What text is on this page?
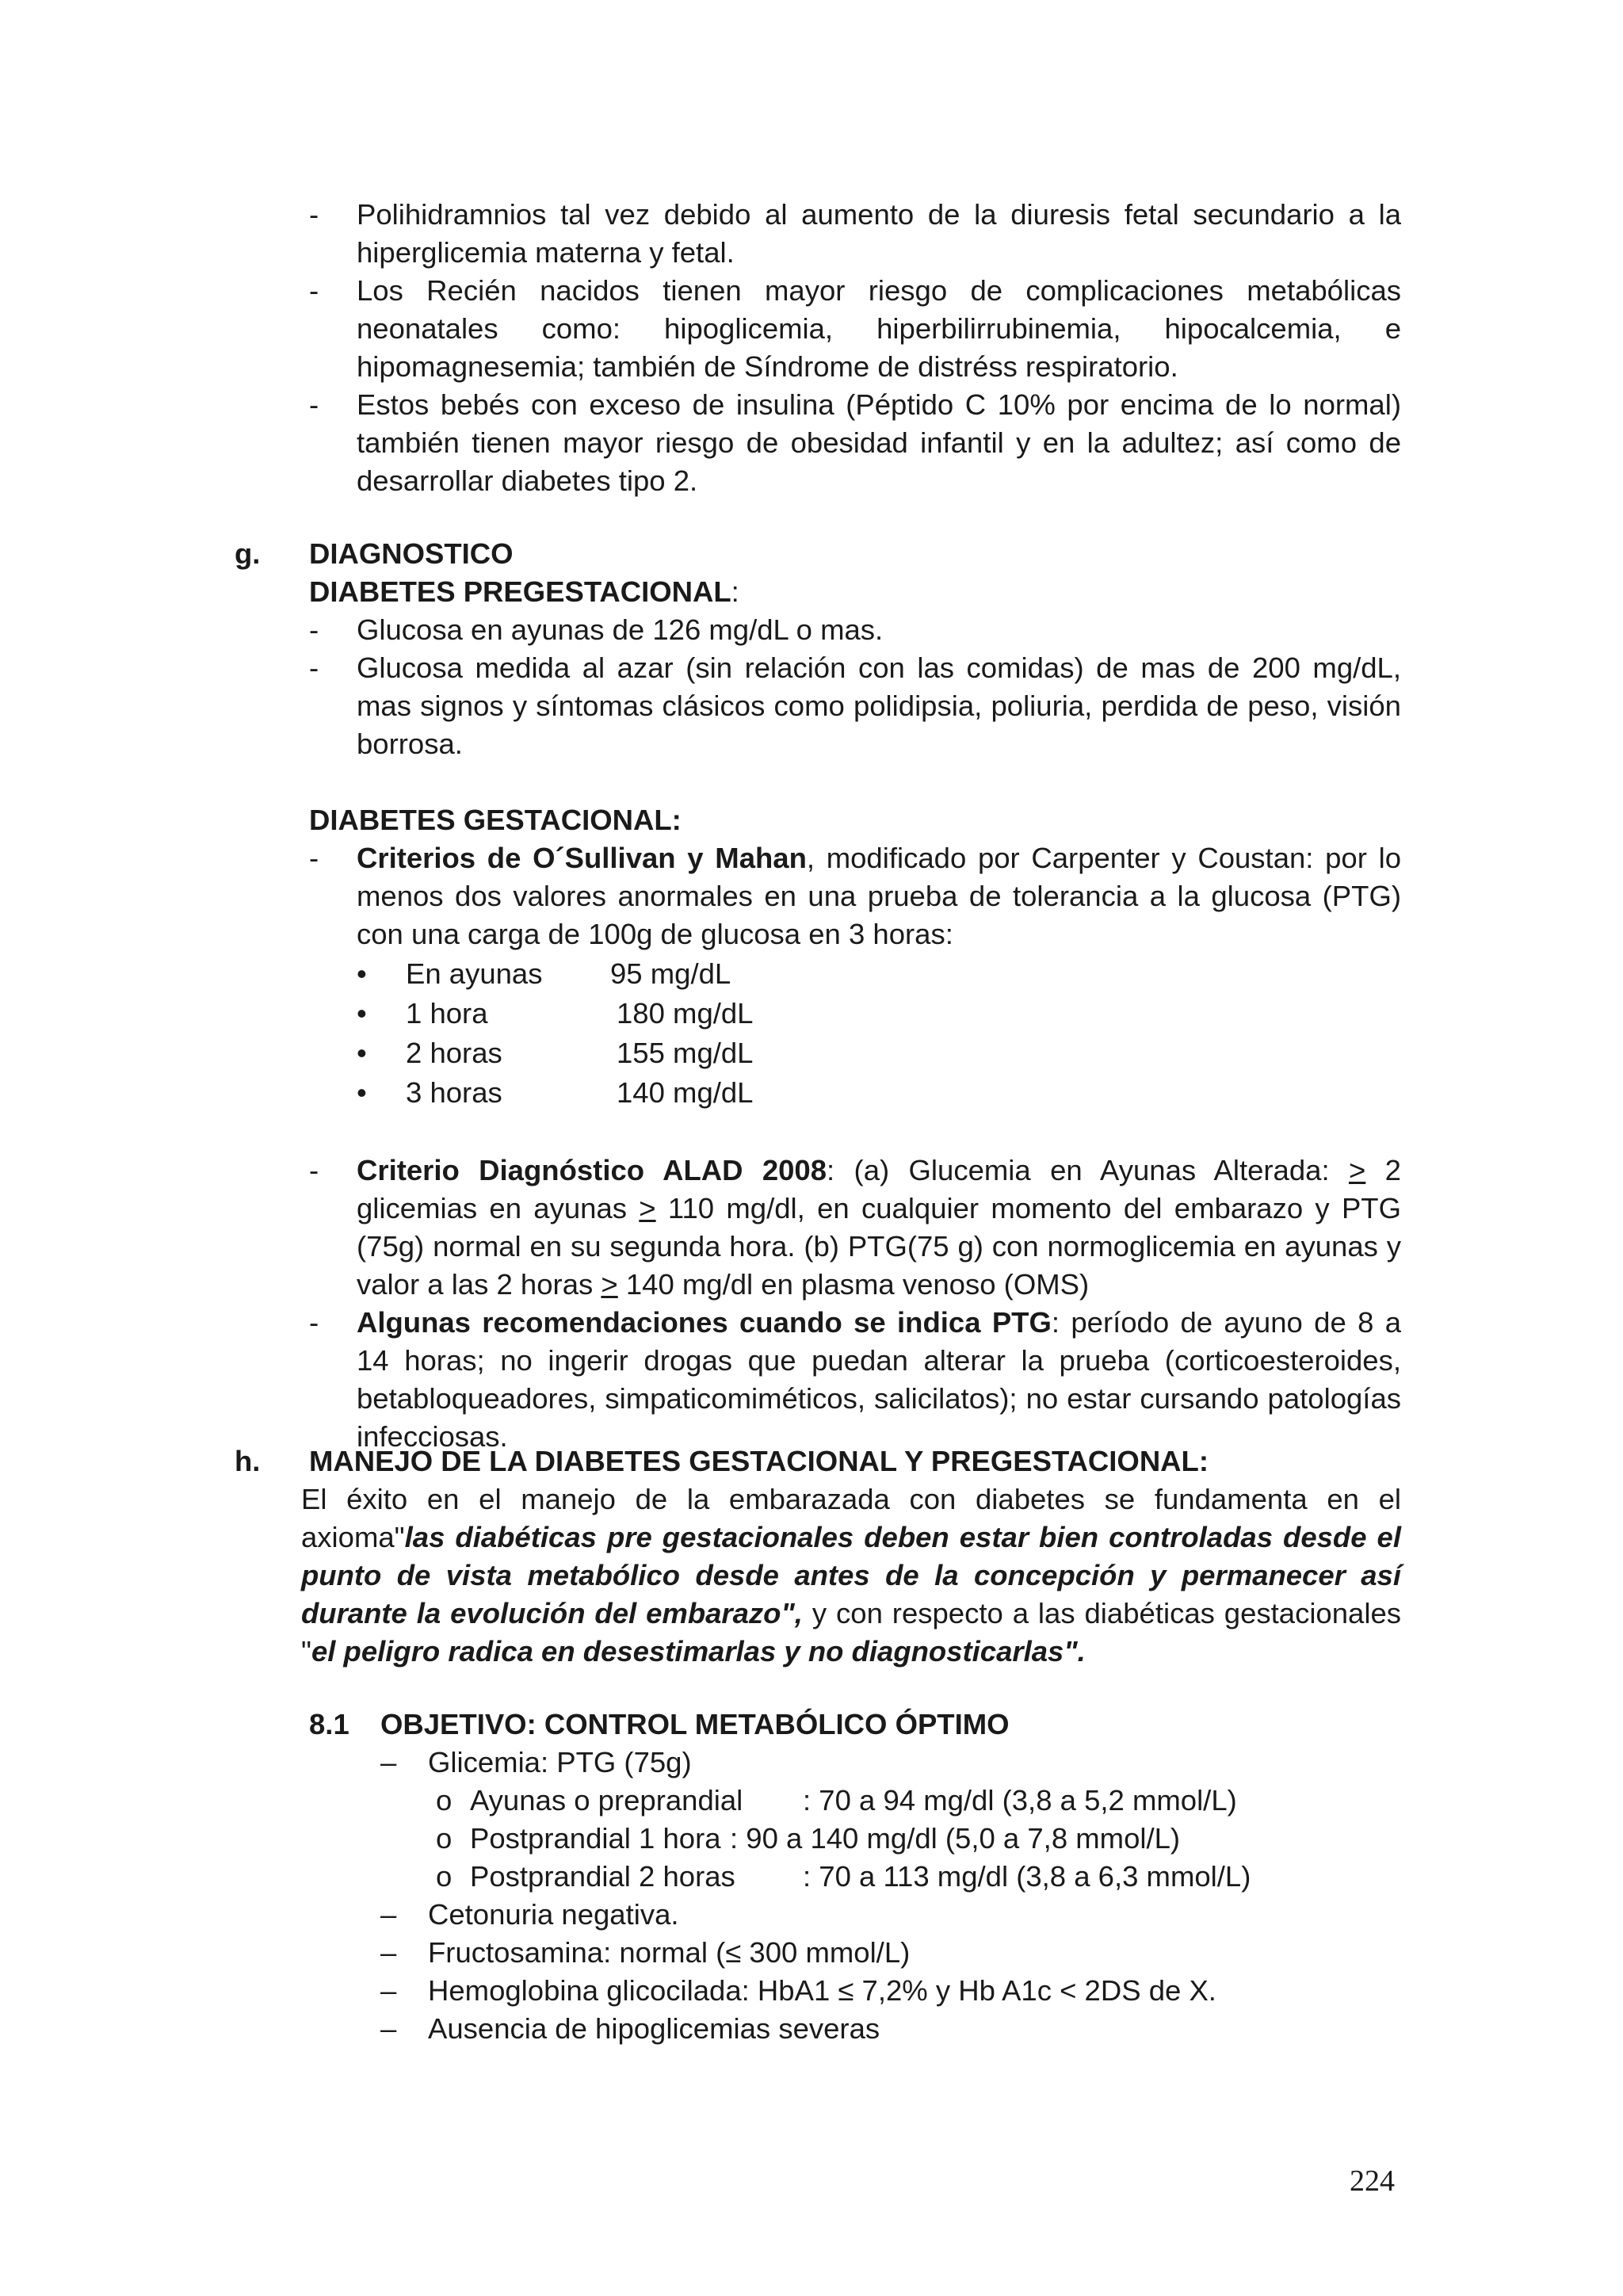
-	Polihidramnios tal vez debido al aumento de la diuresis fetal secundario a la hiperglicemia materna y fetal.
-	Los Recién nacidos tienen mayor riesgo de complicaciones metabólicas neonatales como: hipoglicemia, hiperbilirrubinemia, hipocalcemia, e hipomagnesemia; también de Síndrome de distréss respiratorio.
-	Estos bebés con exceso de insulina (Péptido C 10% por encima de lo normal) también tienen mayor riesgo de obesidad infantil y en la adultez; así como de desarrollar diabetes tipo 2.
g. DIAGNOSTICO
DIABETES PREGESTACIONAL:
-	Glucosa en ayunas de 126 mg/dL o mas.
-	Glucosa medida al azar (sin relación con las comidas) de mas de 200 mg/dL, mas signos y síntomas clásicos como polidipsia, poliuria, perdida de peso, visión borrosa.
DIABETES GESTACIONAL:
-	Criterios de O´Sullivan y Mahan, modificado por Carpenter y Coustan: por lo menos dos valores anormales en una prueba de tolerancia a la glucosa (PTG) con una carga de 100g de glucosa en 3 horas:
• En ayunas 95 mg/dL
• 1 hora	180 mg/dL
• 2 horas	155 mg/dL
• 3 horas	140 mg/dL
-	Criterio Diagnóstico ALAD 2008: (a) Glucemia en Ayunas Alterada: > 2 glicemias en ayunas > 110 mg/dl, en cualquier momento del embarazo y PTG (75g) normal en su segunda hora. (b) PTG(75 g) con normoglicemia en ayunas y valor a las 2 horas > 140 mg/dl en plasma venoso (OMS)
-	Algunas recomendaciones cuando se indica PTG: período de ayuno de 8 a 14 horas; no ingerir drogas que puedan alterar la prueba (corticoesteroides, betabloqueadores, simpaticomiméticos, salicilatos); no estar cursando patologías infecciosas.
h. MANEJO DE LA DIABETES GESTACIONAL Y PREGESTACIONAL:
El éxito en el manejo de la embarazada con diabetes se fundamenta en el axioma"las diabéticas pre gestacionales deben estar bien controladas desde el punto de vista metabólico desde antes de la concepción y permanecer así durante la evolución del embarazo", y con respecto a las diabéticas gestacionales "el peligro radica en desestimarlas y no diagnosticarlas".
8.1 OBJETIVO: CONTROL METABÓLICO ÓPTIMO
– Glicemia: PTG (75g)
o Ayunas o preprandial : 70 a 94 mg/dl (3,8 a 5,2 mmol/L)
o Postprandial 1 hora : 90 a 140 mg/dl (5,0 a 7,8 mmol/L)
o Postprandial 2 horas : 70 a 113 mg/dl (3,8 a 6,3 mmol/L)
– Cetonuria negativa.
– Fructosamina: normal (≤ 300 mmol/L)
– Hemoglobina glicocilada: HbA1 ≤ 7,2% y Hb A1c < 2DS de X.
– Ausencia de hipoglicemias severas
224
